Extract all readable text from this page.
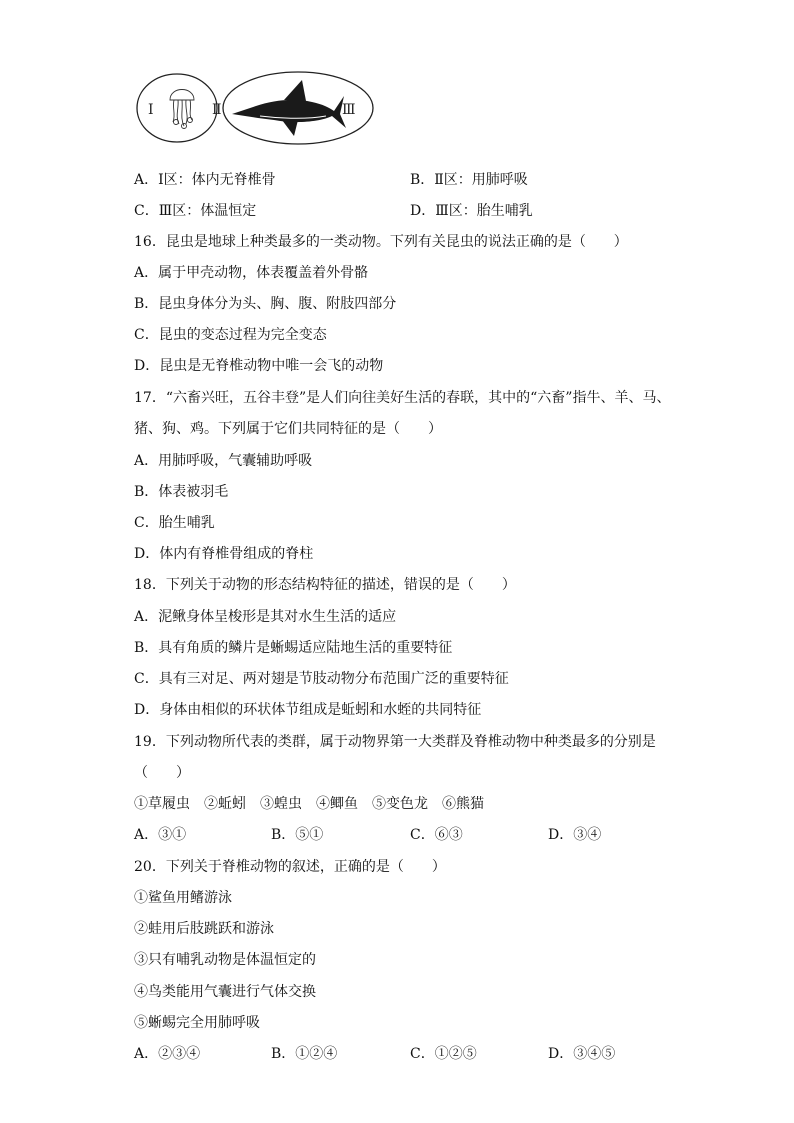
Ⅰ	Ⅱ	Ⅲ
A．Ⅰ区：体内无脊椎骨	B．Ⅱ区：用肺呼吸
C．Ⅲ区：体温恒定	D．Ⅲ区：胎生哺乳
16．昆虫是地球上种类最多的一类动物。下列有关昆虫的说法正确的是（　　）
A．属于甲壳动物，体表覆盖着外骨骼
B．昆虫身体分为头、胸、腹、附肢四部分
C．昆虫的变态过程为完全变态
D．昆虫是无脊椎动物中唯一会飞的动物
17．“六畜兴旺，五谷丰登”是人们向往美好生活的春联，其中的“六畜”指牛、羊、马、
猪、狗、鸡。下列属于它们共同特征的是（　　）
A．用肺呼吸，气囊辅助呼吸
B．体表被羽毛
C．胎生哺乳
D．体内有脊椎骨组成的脊柱
18．下列关于动物的形态结构特征的描述，错误的是（　　）
A．泥鳅身体呈梭形是其对水生生活的适应
B．具有角质的鳞片是蜥蜴适应陆地生活的重要特征
C．具有三对足、两对翅是节肢动物分布范围广泛的重要特征
D．身体由相似的环状体节组成是蚯蚓和水蛭的共同特征
19．下列动物所代表的类群，属于动物界第一大类群及脊椎动物中种类最多的分别是
（　　）
①草履虫　②蚯蚓　③蝗虫　④鲫鱼　⑤变色龙　⑥熊猫
A．③①	B．⑤①	C．⑥③	D．③④
20．下列关于脊椎动物的叙述，正确的是（　　）
①鲨鱼用鳍游泳
②蛙用后肢跳跃和游泳
③只有哺乳动物是体温恒定的
④鸟类能用气囊进行气体交换
⑤蜥蜴完全用肺呼吸
A．②③④	B．①②④	C．①②⑤	D．③④⑤
